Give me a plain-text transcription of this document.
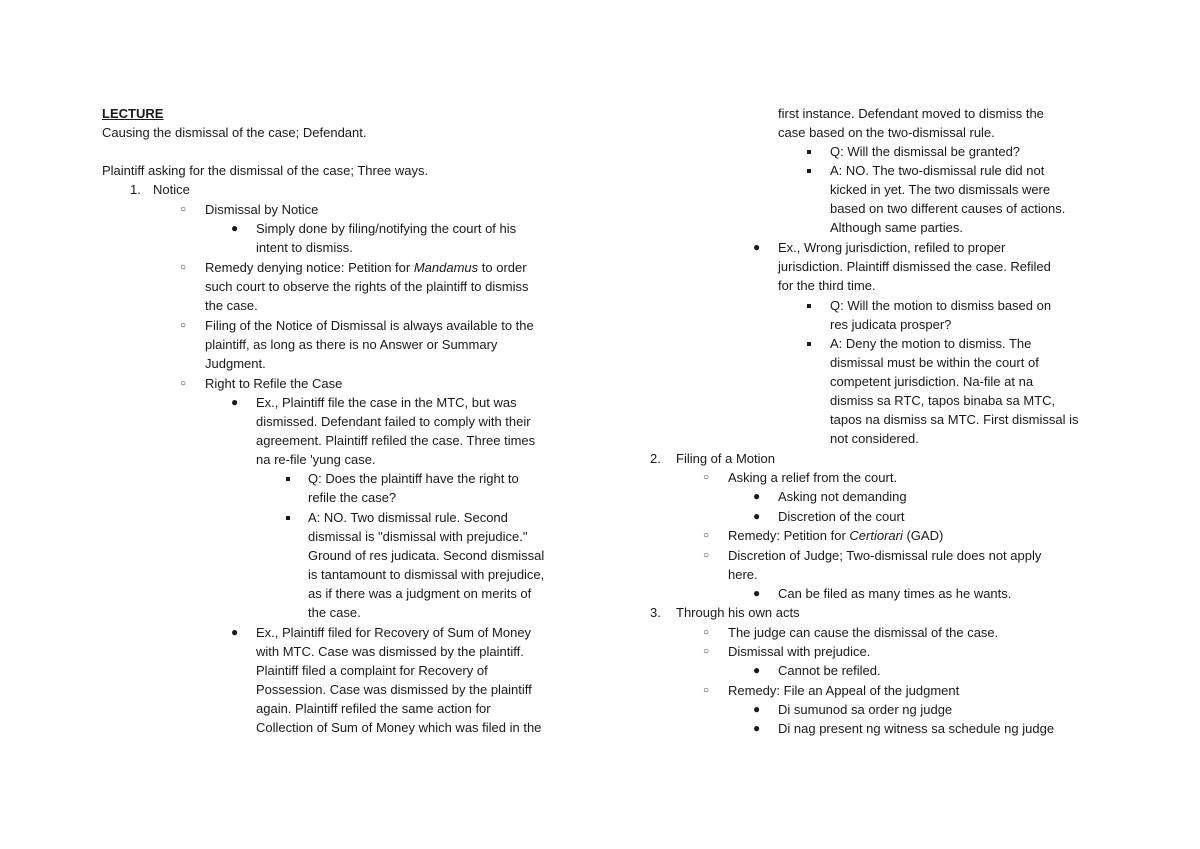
LECTURE
Causing the dismissal of the case; Defendant.
Plaintiff asking for the dismissal of the case; Three ways.
1. Notice
○ Dismissal by Notice
● Simply done by filing/notifying the court of his
intent to dismiss.
○ Remedy denying notice: Petition for Mandamus to order
such court to observe the rights of the plaintiff to dismiss
the case.
○ Filing of the Notice of Dismissal is always available to the
plaintiff, as long as there is no Answer or Summary
Judgment.
○ Right to Refile the Case
● Ex., Plaintiff file the case in the MTC, but was
dismissed. Defendant failed to comply with their
agreement. Plaintiff refiled the case. Three times
na re-file 'yung case.
Q: Does the plaintiff have the right to
refile the case?
A: NO. Two dismissal rule. Second
dismissal is "dismissal with prejudice."
Ground of res judicata. Second dismissal
is tantamount to dismissal with prejudice,
as if there was a judgment on merits of
the case.
● Ex., Plaintiff filed for Recovery of Sum of Money
with MTC. Case was dismissed by the plaintiff.
Plaintiff filed a complaint for Recovery of
Possession. Case was dismissed by the plaintiff
again. Plaintiff refiled the same action for
Collection of Sum of Money which was filed in the
first instance. Defendant moved to dismiss the
case based on the two-dismissal rule.
Q: Will the dismissal be granted?
A: NO. The two-dismissal rule did not
kicked in yet. The two dismissals were
based on two different causes of actions.
Although same parties.
● Ex., Wrong jurisdiction, refiled to proper
jurisdiction. Plaintiff dismissed the case. Refiled
for the third time.
Q: Will the motion to dismiss based on
res judicata prosper?
A: Deny the motion to dismiss. The
dismissal must be within the court of
competent jurisdiction. Na-file at na
dismiss sa RTC, tapos binaba sa MTC,
tapos na dismiss sa MTC. First dismissal is
not considered.
2. Filing of a Motion
○ Asking a relief from the court.
● Asking not demanding
● Discretion of the court
○ Remedy: Petition for Certiorari (GAD)
○ Discretion of Judge; Two-dismissal rule does not apply
here.
● Can be filed as many times as he wants.
3. Through his own acts
○ The judge can cause the dismissal of the case.
○ Dismissal with prejudice.
● Cannot be refiled.
○ Remedy: File an Appeal of the judgment
● Di sumunod sa order ng judge
● Di nag present ng witness sa schedule ng judge
